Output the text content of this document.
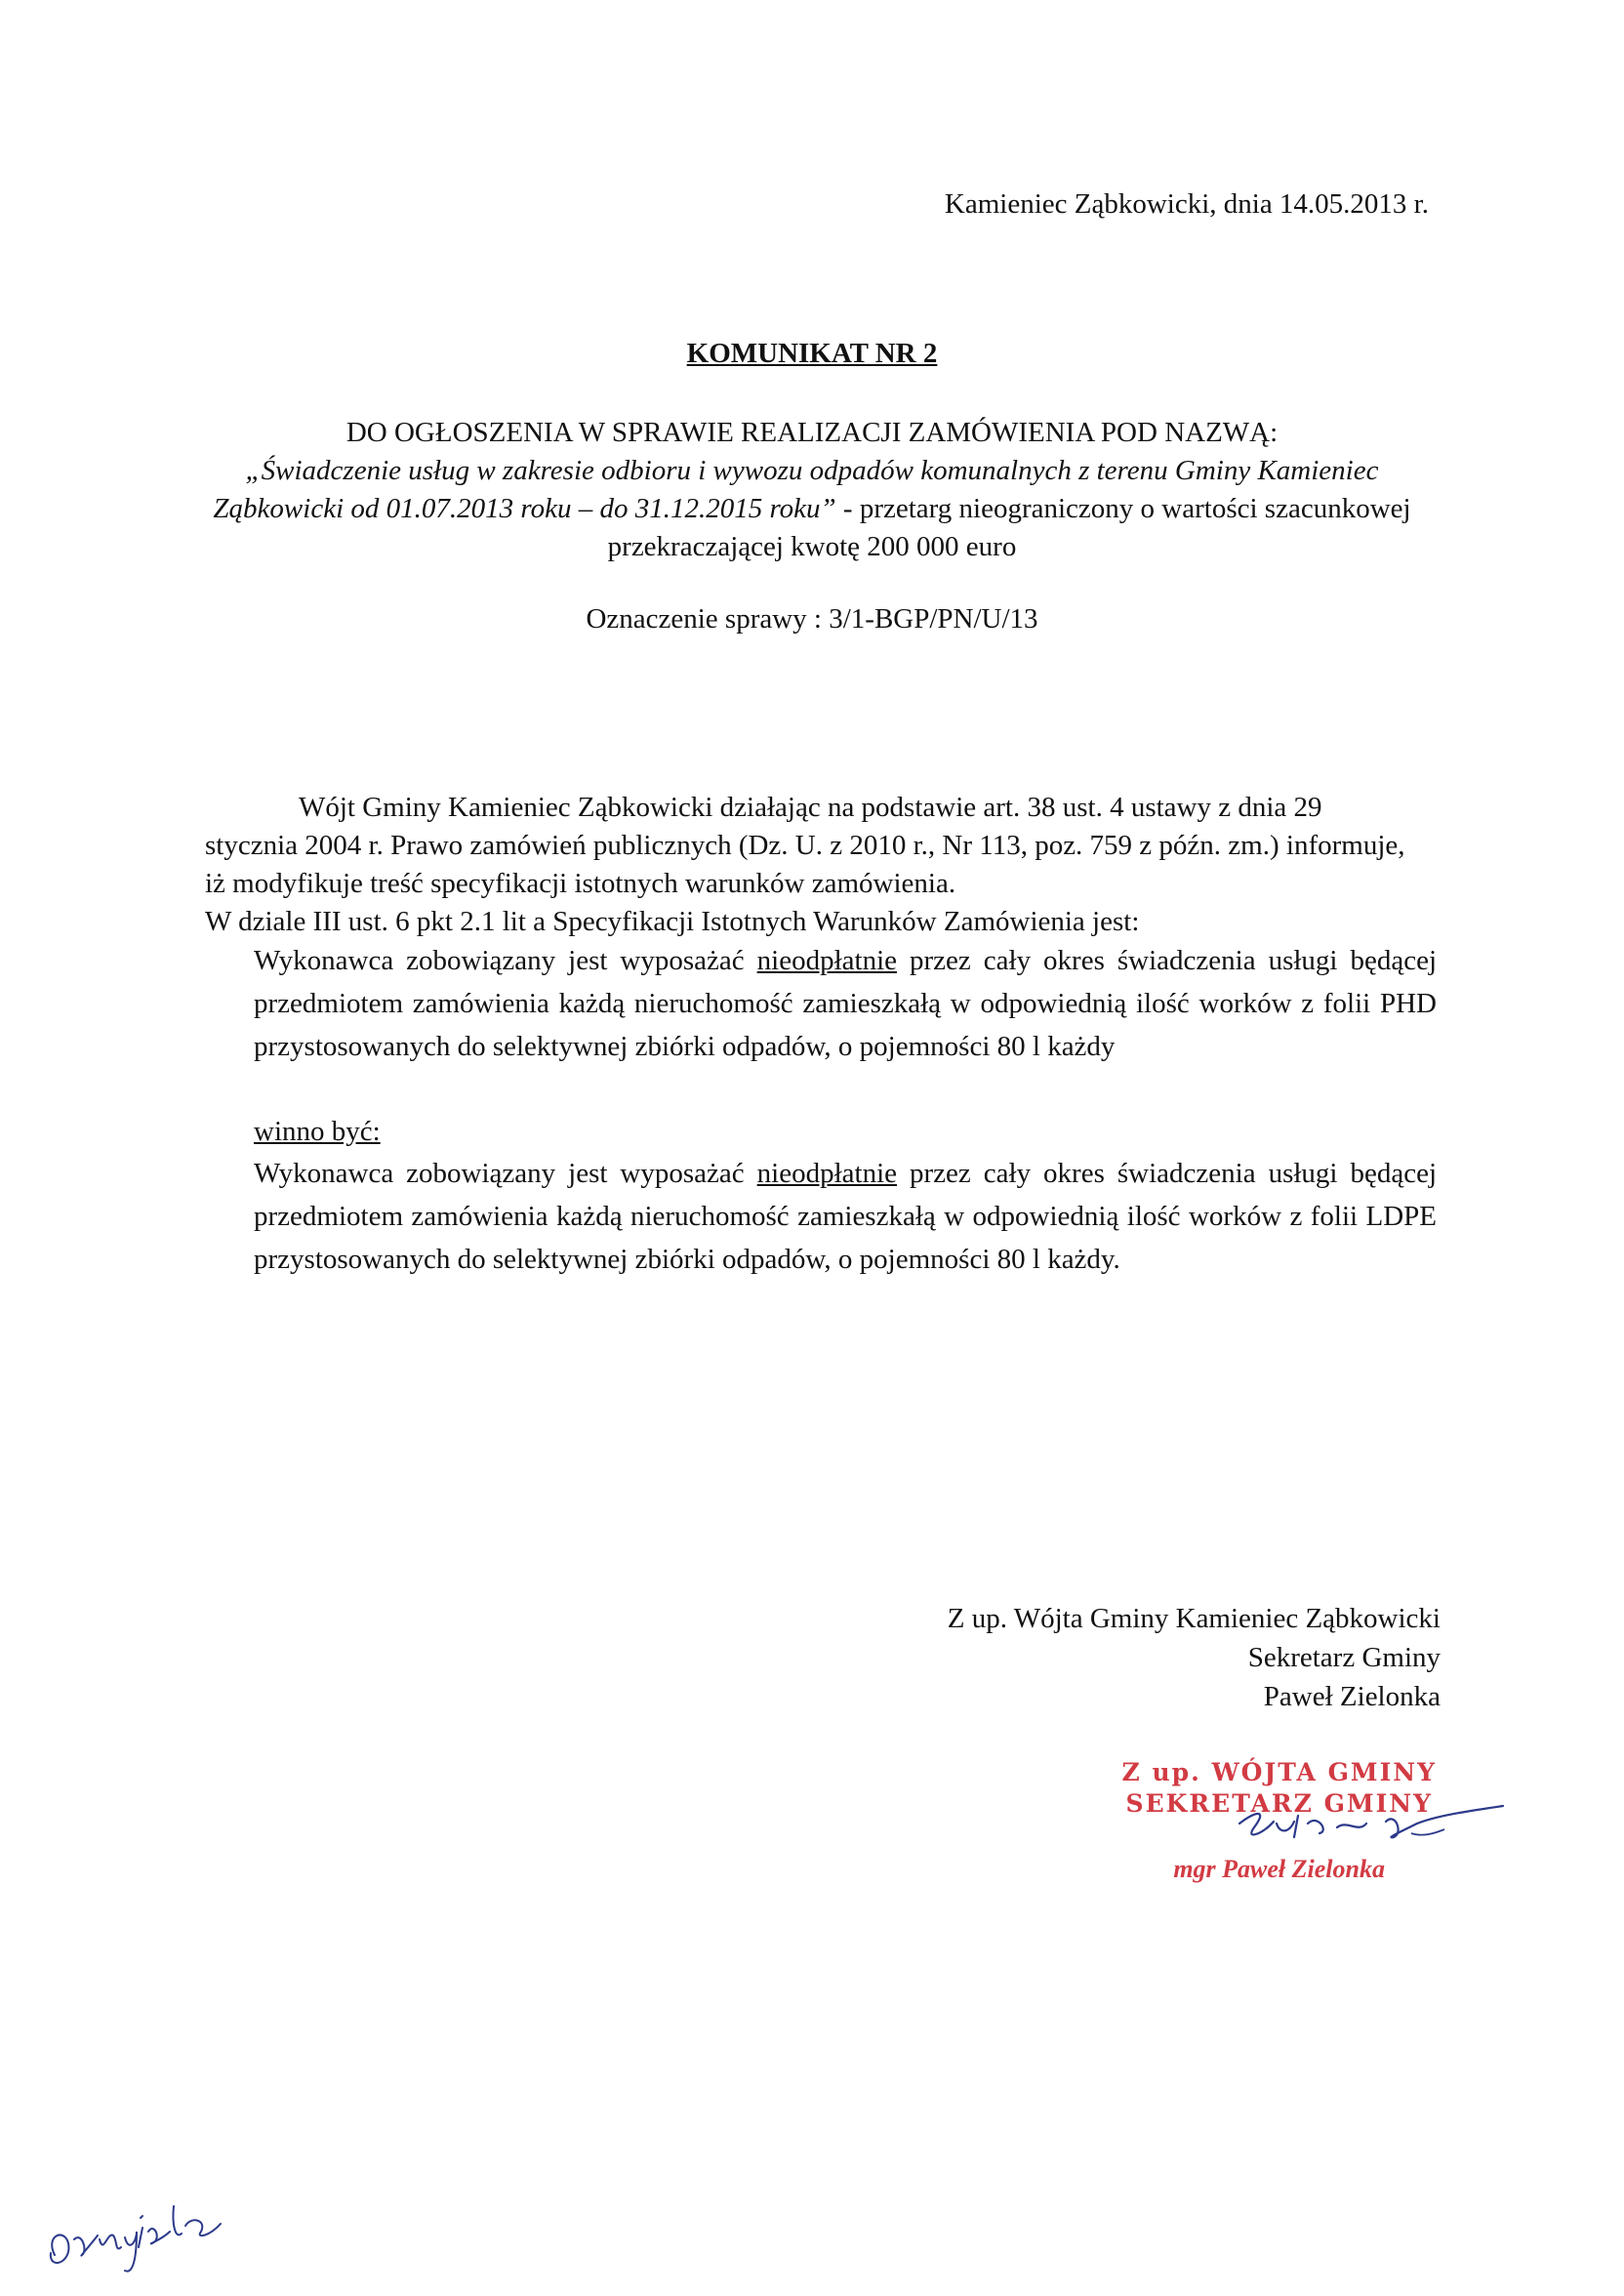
Kamieniec Ząbkowicki, dnia 14.05.2013 r.
KOMUNIKAT NR 2
DO OGŁOSZENIA W SPRAWIE REALIZACJI ZAMÓWIENIA POD NAZWĄ:
„Świadczenie usług w zakresie odbioru i wywozu odpadów komunalnych z terenu Gminy Kamieniec Ząbkowicki od 01.07.2013 roku – do 31.12.2015 roku” - przetarg nieograniczony o wartości szacunkowej przekraczającej kwotę 200 000 euro
Oznaczenie sprawy : 3/1-BGP/PN/U/13

Wójt Gminy Kamieniec Ząbkowicki działając na podstawie art. 38 ust. 4 ustawy z dnia 29 stycznia 2004 r. Prawo zamówień publicznych (Dz. U. z 2010 r., Nr 113, poz. 759 z późn. zm.) informuje, iż modyfikuje treść specyfikacji istotnych warunków zamówienia.

W dziale III ust. 6 pkt 2.1 lit a Specyfikacji Istotnych Warunków Zamówienia jest:

Wykonawca zobowiązany jest wyposażać nieodpłatnie przez cały okres świadczenia usługi będącej przedmiotem zamówienia każdą nieruchomość zamieszkałą w odpowiednią ilość worków z folii PHD przystosowanych do selektywnej zbiórki odpadów, o pojemności 80 l każdy
winno być:
Wykonawca zobowiązany jest wyposażać nieodpłatnie przez cały okres świadczenia usługi będącej przedmiotem zamówienia każdą nieruchomość zamieszkałą w odpowiednią ilość worków z folii LDPE przystosowanych do selektywnej zbiórki odpadów, o pojemności 80 l każdy.
Z up. Wójta Gminy Kamieniec Ząbkowicki
Sekretarz Gminy
Paweł Zielonka
Z up. WÓJTA GMINY
SEKRETARZ GMINY
mgr Paweł Zielonka
